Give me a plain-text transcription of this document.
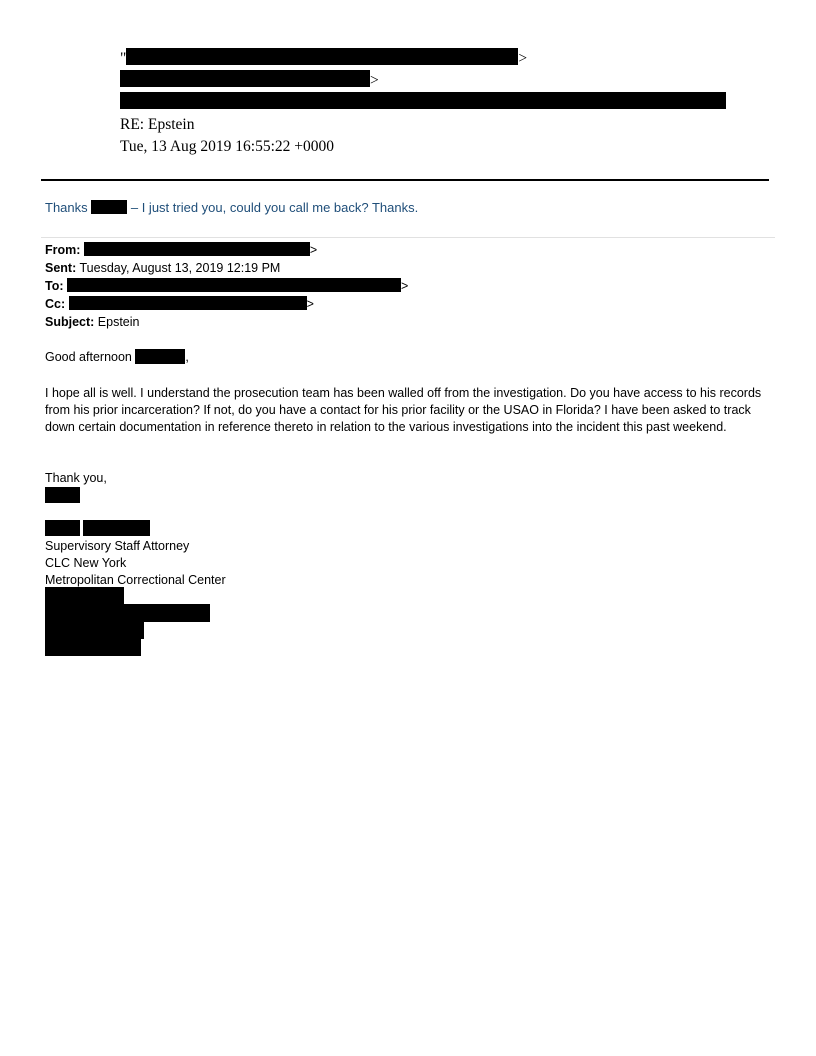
"	>
>
RE: Epstein
Tue, 13 Aug 2019 16:55:22 +0000
Thanks	– I just tried you, could you call me back? Thanks.
From:	>
Sent: Tuesday, August 13, 2019 12:19 PM
To:	>
Cc:	>
Subject: Epstein

Good afternoon	,

I hope all is well. I understand the prosecution team has been walled off from the investigation. Do you have access to his records from his prior incarceration? If not, do you have a contact for his prior facility or the USAO in Florida? I have been asked to track down certain documentation in reference thereto in relation to the various investigations into the incident this past weekend.

Thank you,

Supervisory Staff Attorney
CLC New York
Metropolitan Correctional Center
